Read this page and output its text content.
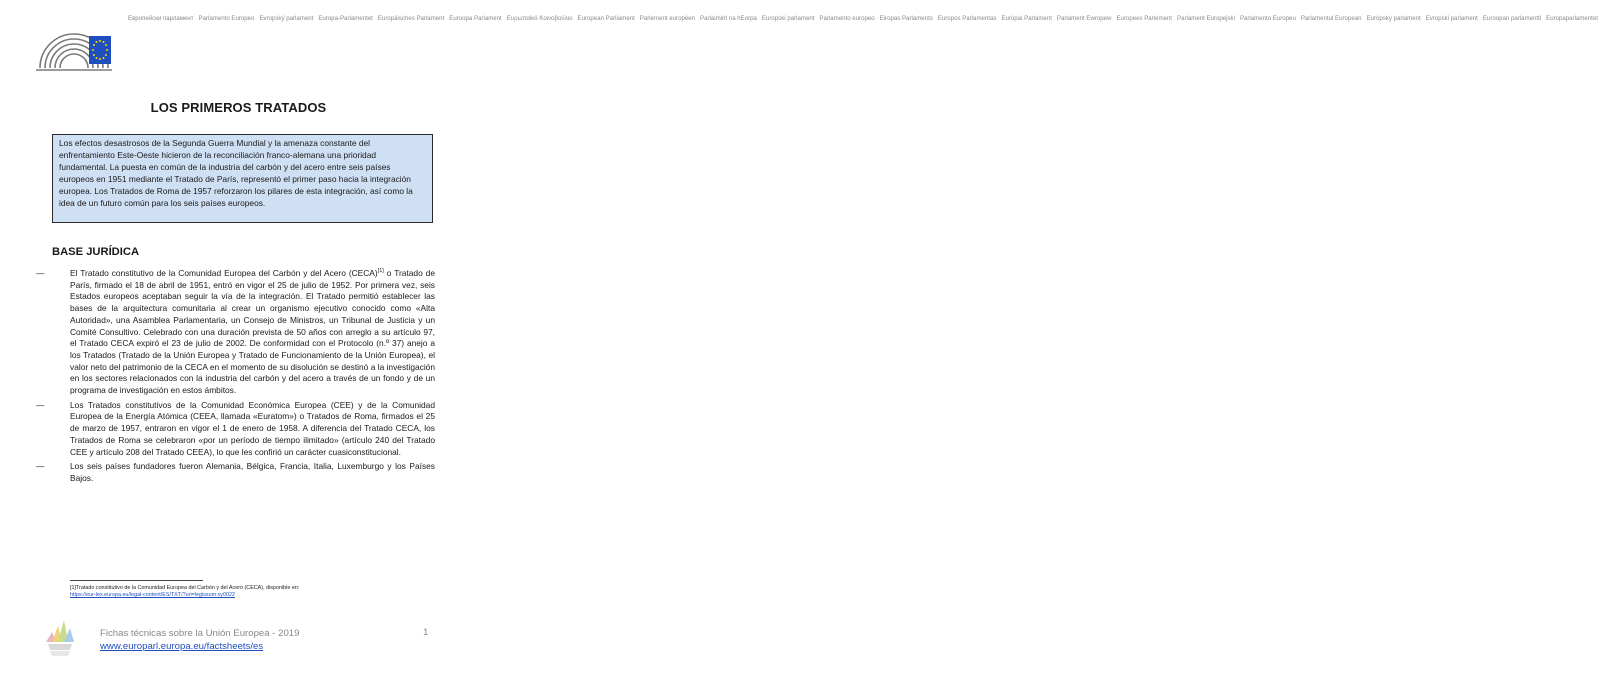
Европейски парламент Parlamento Europeo Evropský parlament Europa-Parlamentet Europäisches Parlament Euroopa Parlament Ευρωπαϊκό Κοινοβούλιο European Parliament Parlement européen Parlaimint na hEorpa Europski parlament Parlamento europeo Eiropas Parlaments Europos Parlamentas Európai Parlament Parlament Ewropew Europees Parlement Parlament Europejski Parlamento Europeu Parlamentul European Európsky parlament Evropski parlament Euroopan parlamentti Europaparlamentet
LOS PRIMEROS TRATADOS
Los efectos desastrosos de la Segunda Guerra Mundial y la amenaza constante del enfrentamiento Este-Oeste hicieron de la reconciliación franco-alemana una prioridad fundamental. La puesta en común de la industria del carbón y del acero entre seis países europeos en 1951 mediante el Tratado de París, representó el primer paso hacia la integración europea. Los Tratados de Roma de 1957 reforzaron los pilares de esta integración, así como la idea de un futuro común para los seis países europeos.
BASE JURÍDICA
—	El Tratado constitutivo de la Comunidad Europea del Carbón y del Acero (CECA)[1] o Tratado de París, firmado el 18 de abril de 1951, entró en vigor el 25 de julio de 1952. Por primera vez, seis Estados europeos aceptaban seguir la vía de la integración. El Tratado permitió establecer las bases de la arquitectura comunitaria al crear un organismo ejecutivo conocido como «Alta Autoridad», una Asamblea Parlamentaria, un Consejo de Ministros, un Tribunal de Justicia y un Comité Consultivo. Celebrado con una duración prevista de 50 años con arreglo a su artículo 97, el Tratado CECA expiró el 23 de julio de 2002. De conformidad con el Protocolo (n.º 37) anejo a los Tratados (Tratado de la Unión Europea y Tratado de Funcionamiento de la Unión Europea), el valor neto del patrimonio de la CECA en el momento de su disolución se destinó a la investigación en los sectores relacionados con la industria del carbón y del acero a través de un fondo y de un programa de investigación en estos ámbitos.
—	Los Tratados constitutivos de la Comunidad Económica Europea (CEE) y de la Comunidad Europea de la Energía Atómica (CEEA, llamada «Euratom») o Tratados de Roma, firmados el 25 de marzo de 1957, entraron en vigor el 1 de enero de 1958. A diferencia del Tratado CECA, los Tratados de Roma se celebraron «por un período de tiempo ilimitado» (artículo 240 del Tratado CEE y artículo 208 del Tratado CEEA), lo que les confirió un carácter cuasiconstitucional.
—	Los seis países fundadores fueron Alemania, Bélgica, Francia, Italia, Luxemburgo y los Países Bajos.
[1]Tratado constitutivo de la Comunidad Europea del Carbón y del Acero (CECA), disponible en:
https://eur-lex.europa.eu/legal-content/ES/TXT/?uri=legissum:xy0022
Fichas técnicas sobre la Unión Europea - 2019
www.europarl.europa.eu/factsheets/es
1
